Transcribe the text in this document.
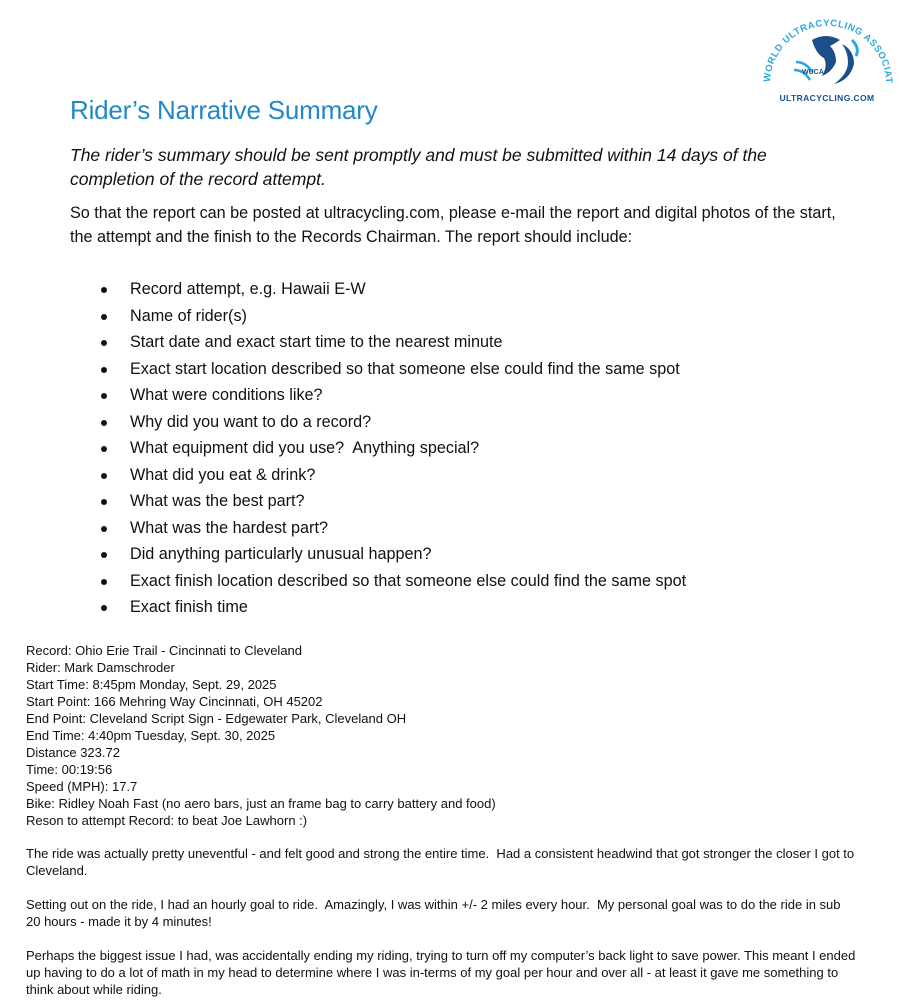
WORLD ULTRACYCLING ASSOCIAT
WUCA
ULTRACYCLING.COM
Rider’s Narrative Summary

The rider’s summary should be sent promptly and must be submitted within 14 days of the completion of the record attempt.

So that the report can be posted at ultracycling.com, please e-mail the report and digital photos of the start, the attempt and the finish to the Records Chairman. The report should include:

Record attempt, e.g. Hawaii E-W
Name of rider(s)
Start date and exact start time to the nearest minute
Exact start location described so that someone else could find the same spot
What were conditions like?
Why did you want to do a record?
What equipment did you use?  Anything special?
What did you eat & drink?
What was the best part?
What was the hardest part?
Did anything particularly unusual happen?
Exact finish location described so that someone else could find the same spot
Exact finish time
Record: Ohio Erie Trail - Cincinnati to Cleveland
Rider: Mark Damschroder
Start Time: 8:45pm Monday, Sept. 29, 2025
Start Point: 166 Mehring Way Cincinnati, OH 45202
End Point: Cleveland Script Sign - Edgewater Park, Cleveland OH
End Time: 4:40pm Tuesday, Sept. 30, 2025
Distance 323.72
Time: 00:19:56
Speed (MPH): 17.7
Bike: Ridley Noah Fast (no aero bars, just an frame bag to carry battery and food)
Reson to attempt Record: to beat Joe Lawhorn :)

The ride was actually pretty uneventful - and felt good and strong the entire time.  Had a consistent headwind that got stronger the closer I got to Cleveland.

Setting out on the ride, I had an hourly goal to ride.  Amazingly, I was within +/- 2 miles every hour.  My personal goal was to do the ride in sub 20 hours - made it by 4 minutes!

Perhaps the biggest issue I had, was accidentally ending my riding, trying to turn off my computer’s back light to save power. This meant I ended up having to do a lot of math in my head to determine where I was in-terms of my goal per hour and over all - at least it gave me something to think about while riding.
